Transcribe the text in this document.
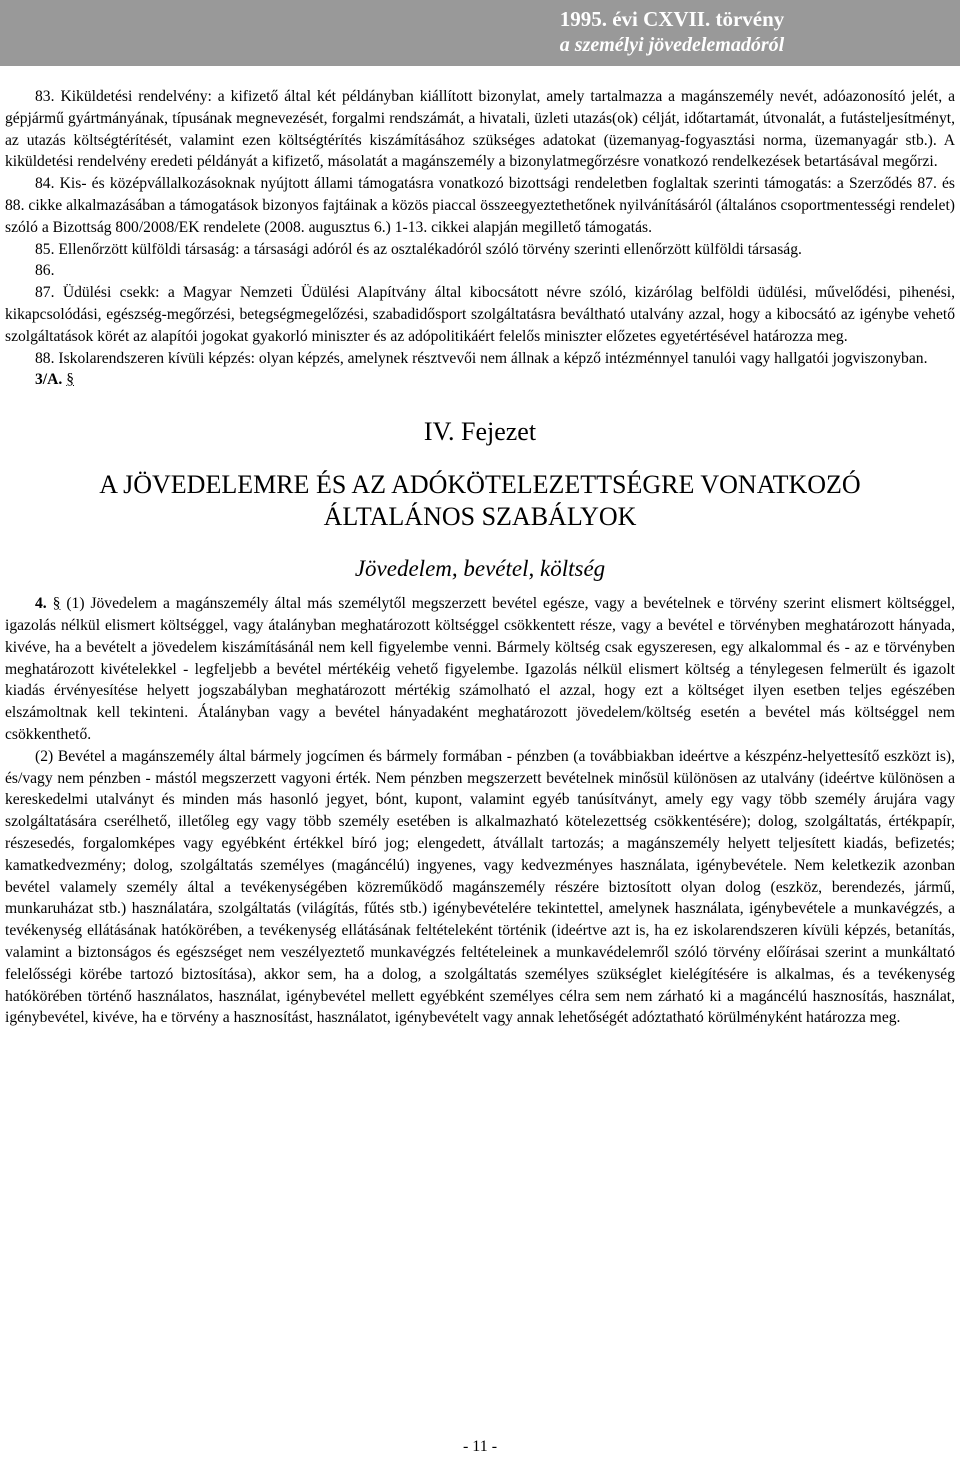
1995. évi CXVII. törvény
a személyi jövedelemadóról

83. Kiküldetési rendelvény: a kifizető által két példányban kiállított bizonylat, amely tartalmazza a magánszemély nevét, adóazonosító jelét, a gépjármű gyártmányának, típusának megnevezését, forgalmi rendszámát, a hivatali, üzleti utazás(ok) célját, időtartamát, útvonalát, a futásteljesítményt, az utazás költségtérítését, valamint ezen költségtérítés kiszámításához szükséges adatokat (üzemanyag-fogyasztási norma, üzemanyagár stb.). A kiküldetési rendelvény eredeti példányát a kifizető, másolatát a magánszemély a bizonylatmegőrzésre vonatkozó rendelkezések betartásával megőrzi.

84. Kis- és középvállalkozásoknak nyújtott állami támogatásra vonatkozó bizottsági rendeletben foglaltak szerinti támogatás: a Szerződés 87. és 88. cikke alkalmazásában a támogatások bizonyos fajtáinak a közös piaccal összeegyeztethetőnek nyilvánításáról (általános csoportmentességi rendelet) szóló a Bizottság 800/2008/EK rendelete (2008. augusztus 6.) 1-13. cikkei alapján megillető támogatás.

85. Ellenőrzött külföldi társaság: a társasági adóról és az osztalékadóról szóló törvény szerinti ellenőrzött külföldi társaság.

86.

87. Üdülési csekk: a Magyar Nemzeti Üdülési Alapítvány által kibocsátott névre szóló, kizárólag belföldi üdülési, művelődési, pihenési, kikapcsolódási, egészség-megőrzési, betegségmegelőzési, szabadidősport szolgáltatásra beváltható utalvány azzal, hogy a kibocsátó az igénybe vehető szolgáltatások körét az alapítói jogokat gyakorló miniszter és az adópolitikáért felelős miniszter előzetes egyetértésével határozza meg.

88. Iskolarendszeren kívüli képzés: olyan képzés, amelynek résztvevői nem állnak a képző intézménnyel tanulói vagy hallgatói jogviszonyban.

3/A. §

IV. Fejezet
A JÖVEDELEMRE ÉS AZ ADÓKÖTELEZETTSÉGRE VONATKOZÓ
ÁLTALÁNOS SZABÁLYOK
Jövedelem, bevétel, költség

4. § (1) Jövedelem a magánszemély által más személytől megszerzett bevétel egésze, vagy a bevételnek e törvény szerint elismert költséggel, igazolás nélkül elismert költséggel, vagy átalányban meghatározott költséggel csökkentett része, vagy a bevétel e törvényben meghatározott hányada, kivéve, ha a bevételt a jövedelem kiszámításánál nem kell figyelembe venni. Bármely költség csak egyszeresen, egy alkalommal és - az e törvényben meghatározott kivételekkel - legfeljebb a bevétel mértékéig vehető figyelembe. Igazolás nélkül elismert költség a ténylegesen felmerült és igazolt kiadás érvényesítése helyett jogszabályban meghatározott mértékig számolható el azzal, hogy ezt a költséget ilyen esetben teljes egészében elszámoltnak kell tekinteni. Átalányban vagy a bevétel hányadaként meghatározott jövedelem/költség esetén a bevétel más költséggel nem csökkenthető.

(2) Bevétel a magánszemély által bármely jogcímen és bármely formában - pénzben (a továbbiakban ideértve a készpénz-helyettesítő eszközt is), és/vagy nem pénzben - mástól megszerzett vagyoni érték. Nem pénzben megszerzett bevételnek minősül különösen az utalvány (ideértve különösen a kereskedelmi utalványt és minden más hasonló jegyet, bónt, kupont, valamint egyéb tanúsítványt, amely egy vagy több személy árujára vagy szolgáltatására cserélhető, illetőleg egy vagy több személy esetében is alkalmazható kötelezettség csökkentésére); dolog, szolgáltatás, értékpapír, részesedés, forgalomképes vagy egyébként értékkel bíró jog; elengedett, átvállalt tartozás; a magánszemély helyett teljesített kiadás, befizetés; kamatkedvezmény; dolog, szolgáltatás személyes (magáncélú) ingyenes, vagy kedvezményes használata, igénybevétele. Nem keletkezik azonban bevétel valamely személy által a tevékenységében közreműködő magánszemély részére biztosított olyan dolog (eszköz, berendezés, jármű, munkaruházat stb.) használatára, szolgáltatás (világítás, fűtés stb.) igénybevételére tekintettel, amelynek használata, igénybevétele a munkavégzés, a tevékenység ellátásának hatókörében, a tevékenység ellátásának feltételeként történik (ideértve azt is, ha ez iskolarendszeren kívüli képzés, betanítás, valamint a biztonságos és egészséget nem veszélyeztető munkavégzés feltételeinek a munkavédelemről szóló törvény előírásai szerint a munkáltató felelősségi körébe tartozó biztosítása), akkor sem, ha a dolog, a szolgáltatás személyes szükséglet kielégítésére is alkalmas, és a tevékenység hatókörében történő használatos, használat, igénybevétel mellett egyébként személyes célra sem nem zárható ki a magáncélú hasznosítás, használat, igénybevétel, kivéve, ha e törvény a hasznosítást, használatot, igénybevételt vagy annak lehetőségét adóztatható körülményként határozza meg.

- 11 -
